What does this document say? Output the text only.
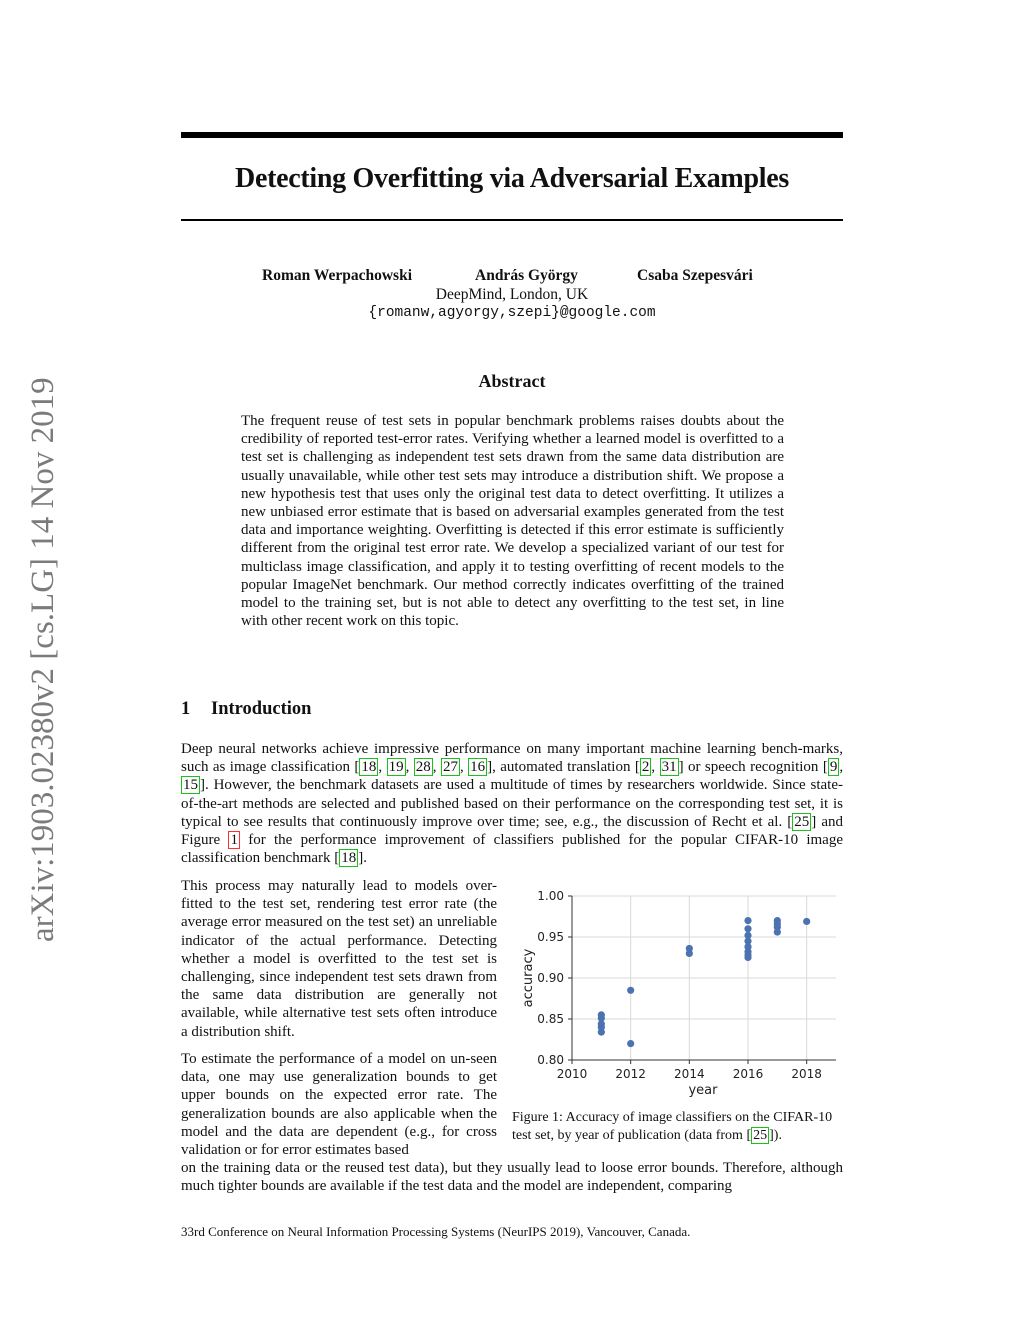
arXiv:1903.02380v2 [cs.LG] 14 Nov 2019
Detecting Overfitting via Adversarial Examples
Roman Werpachowski	András György	Csaba Szepesvári
DeepMind, London, UK
{romanw,agyorgy,szepi}@google.com
Abstract

The frequent reuse of test sets in popular benchmark problems raises doubts about the credibility of reported test-error rates. Verifying whether a learned model is overfitted to a test set is challenging as independent test sets drawn from the same data distribution are usually unavailable, while other test sets may introduce a distribution shift. We propose a new hypothesis test that uses only the original test data to detect overfitting. It utilizes a new unbiased error estimate that is based on adversarial examples generated from the test data and importance weighting. Overfitting is detected if this error estimate is sufficiently different from the original test error rate. We develop a specialized variant of our test for multiclass image classification, and apply it to testing overfitting of recent models to the popular ImageNet benchmark. Our method correctly indicates overfitting of the trained model to the training set, but is not able to detect any overfitting to the test set, in line with other recent work on this topic.

1 Introduction

Deep neural networks achieve impressive performance on many important machine learning bench-marks, such as image classification [ 18 , 19 , 28 , 27 , 16 ], automated translation [ 2 , 31 ] or speech recognition [ 9 , 15 ]. However, the benchmark datasets are used a multitude of times by researchers worldwide. Since state-of-the-art methods are selected and published based on their performance on the corresponding test set, it is typical to see results that continuously improve over time; see, e.g., the discussion of Recht et al. [ 25 ] and Figure 1 for the performance improvement of classifiers published for the popular CIFAR-10 image classification benchmark [ 18 ].

This process may naturally lead to models over-fitted to the test set, rendering test error rate (the average error measured on the test set) an unreliable indicator of the actual performance. Detecting whether a model is overfitted to the test set is challenging, since independent test sets drawn from the same data distribution are generally not available, while alternative test sets often introduce a distribution shift.

To estimate the performance of a model on un-seen data, one may use generalization bounds to get upper bounds on the expected error rate. The generalization bounds are also applicable when the model and the data are dependent (e.g., for cross validation or for error estimates based

on the training data or the reused test data), but they usually lead to loose error bounds. Therefore, although much tighter bounds are available if the test data and the model are independent, comparing

2010 2012 2014 2016 2018
0.80
0.85
0.90
0.95
1.00
year
accuracy

Figure 1: Accuracy of image classifiers on the CIFAR-10 test set, by year of publication (data from [ 25 ]).

33rd Conference on Neural Information Processing Systems (NeurIPS 2019), Vancouver, Canada.
